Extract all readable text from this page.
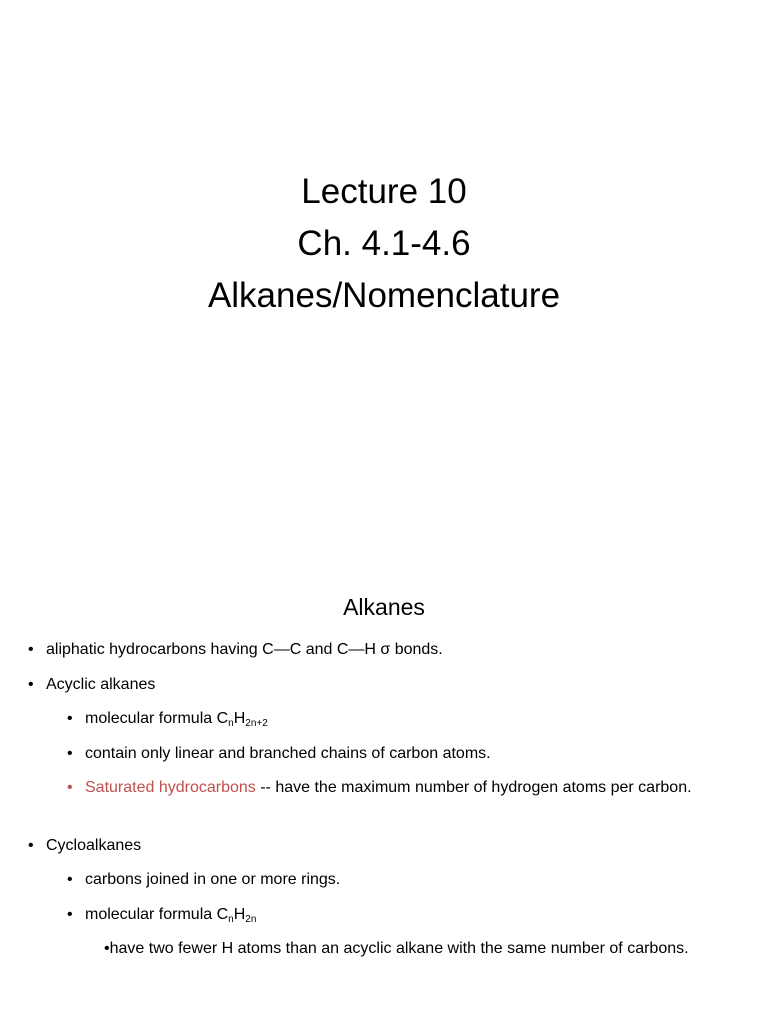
Lecture 10
Ch. 4.1-4.6
Alkanes/Nomenclature
Alkanes
• aliphatic hydrocarbons having C—C and C—H σ bonds.
• Acyclic alkanes
• molecular formula $C_nH_{2n+2}$
• contain only linear and branched chains of carbon atoms.
• Saturated hydrocarbons -- have the maximum number of hydrogen atoms per carbon.
• Cycloalkanes
• carbons joined in one or more rings.
• molecular formula $C_nH_{2n}$
•have two fewer H atoms than an acyclic alkane with the same number of carbons.
